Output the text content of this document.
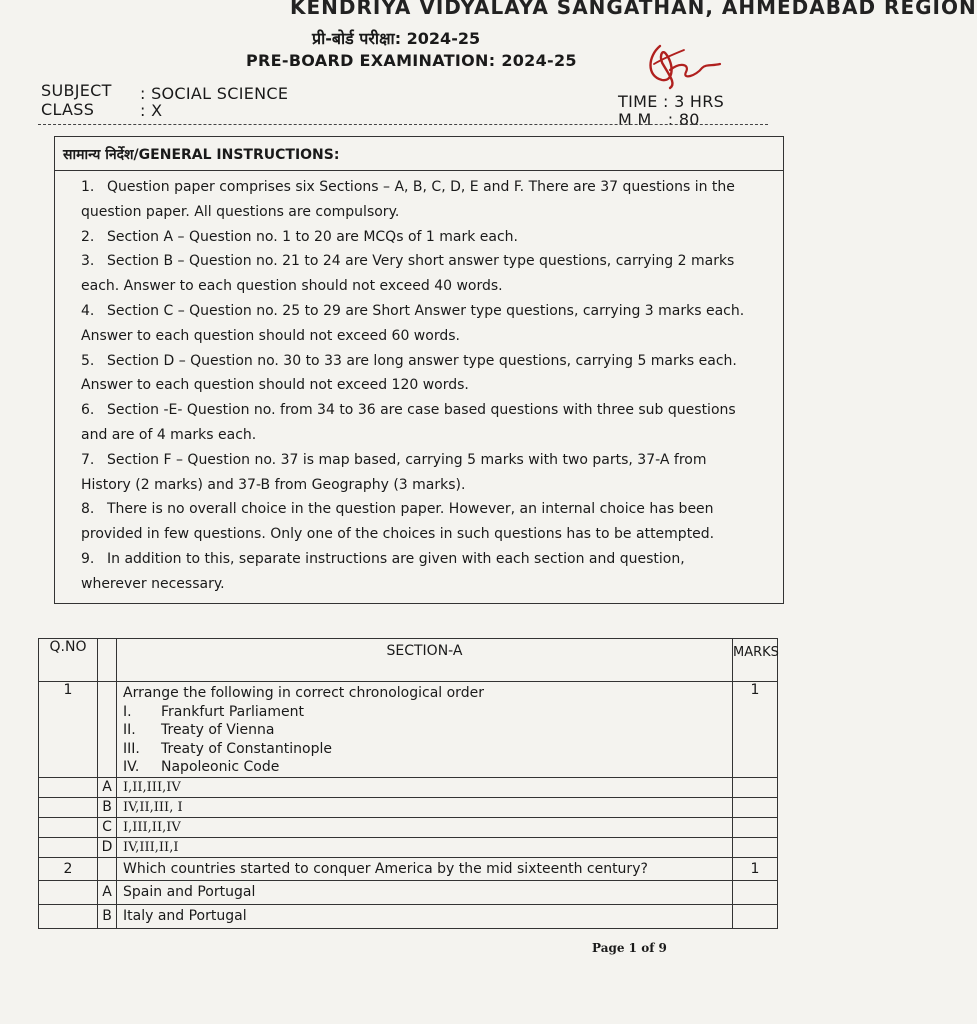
KENDRIYA VIDYALAYA SANGATHAN, AHMEDABAD REGION
प्री-बोर्ड परीक्षा: 2024-25
PRE-BOARD EXAMINATION: 2024-25
SUBJECT : SOCIAL SCIENCE
CLASS	: X	TIME : 3 HRS
M M   : 80
सामान्य निर्देश/GENERAL INSTRUCTIONS:
1. Question paper comprises six Sections – A, B, C, D, E and F. There are 37 questions in the question paper. All questions are compulsory.
2. Section A – Question no. 1 to 20 are MCQs of 1 mark each.
3. Section B – Question no. 21 to 24 are Very short answer type questions, carrying 2 marks each. Answer to each question should not exceed 40 words.
4. Section C – Question no. 25 to 29 are Short Answer type questions, carrying 3 marks each. Answer to each question should not exceed 60 words.
5. Section D – Question no. 30 to 33 are long answer type questions, carrying 5 marks each. Answer to each question should not exceed 120 words.
6. Section -E- Question no. from 34 to 36 are case based questions with three sub questions and are of 4 marks each.
7. Section F – Question no. 37 is map based, carrying 5 marks with two parts, 37-A from History (2 marks) and 37-B from Geography (3 marks).
8. There is no overall choice in the question paper. However, an internal choice has been provided in few questions. Only one of the choices in such questions has to be attempted.
9. In addition to this, separate instructions are given with each section and question, wherever necessary.
Q.NO		SECTION-A	MARKS
1		Arrange the following in correct chronological order
I. Frankfurt Parliament
II. Treaty of Vienna
III. Treaty of Constantinople
IV. Napoleonic Code	1
	A	I,II,III,IV	
	B	IV,II,III, I	
	C	I,III,II,IV	
	D	IV,III,II,I	
2		Which countries started to conquer America by the mid sixteenth century?	1
	A	Spain and Portugal	
	B	Italy and Portugal	
Page 1 of 9
